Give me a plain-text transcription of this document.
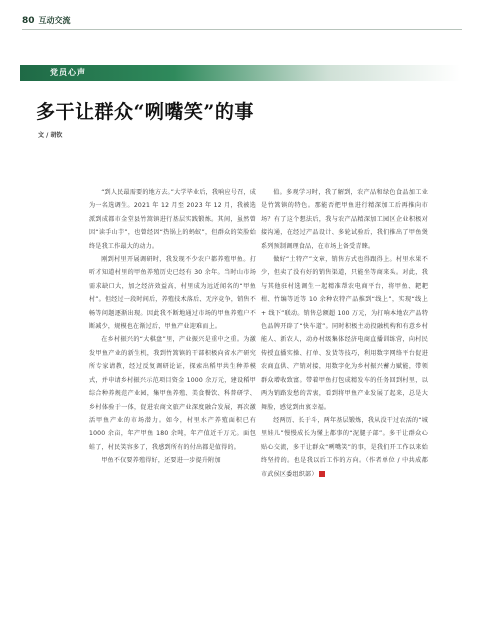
80 互动交流
党员心声
多干让群众“咧嘴笑”的事
文 / 胡钦

“到人民最需要的地方去。”大学毕业后，我响应号召，成为一名选调生。2021 年 12 月至 2023 年 12 月，我被选派到成都市金堂县竹篙镇进行基层实践锻炼。其间，虽然曾因“读手山芋”，也曾经因“热锅上的蚂蚁”，但群众的笑脸始终是我工作最大的动力。

刚到村里开展调研时，我发现不少农户都养殖甲鱼。打听才知道村里的甲鱼养殖历史已经有 30 余年。当时山市场需求缺口大，加之经济效益高，村里成为远近闻名的“甲鱼村”。但经过一段时间后，养殖技术落后、无序竞争，销售不畅等问题逐渐出现。因此我不断地通过市场的甲鱼养殖户不断减少，规模也在渐过后，甲鱼产业迎难而上。

在乡村振兴的“大棋盘”里，产业振兴是重中之重。为激发甲鱼产业的新生机，我到竹篙镇的干部积极向省水产研究所专家请教，经过反复调研论证，探索出稻甲共生种养模式，并申请乡村振兴示范项目资金 1000 余万元，建设稻甲综合种养规范产业园，集甲鱼养殖、美食餐饮、科普研学、乡村体验于一体，促进农商文旅产业深度融合发展，再次激活甲鱼产业的市场潜力。如今，村里水产养殖面积已有 1000 余亩，年产甲鱼 180 余吨，年产值近千万元。面包蛙了，村民笑容多了，我感到所有的付出都是值得的。

甲鱼不仅要养殖得好，还要进一步提升附加

值。多观学习时，我了解到，农产品和绿色食品加工业是竹篙镇的特色。那能否把甲鱼进行精深加工后再推向市场？有了这个想法后，我与农产品精深加工园区企业积极对接沟通，在经过产品设计、多轮试验后，我们推出了甲鱼煲系列预制调理食品，在市场上备受青睐。

做好“土特产”文章，销售方式也得跟得上。村里水果不少，但卖了没有好的销售渠道，只能坐等商来头。对此，我与其他驻村选调生一起精准帮农电商平台，将甲鱼、耙耙柑、竹编等近等 10 余种农特产品推到“线上”，实现“线上 + 线下”联动。销售总额超 100 万元，为打响本地农产品特色品牌开辟了“快车道”。同时积极主动投融机构和有意乡村能人、新农人，动办村级集体经济电商直播训练营，向村民传授直播实操、打单、发货等技巧，利用数字网络平台促进农商直供、产销对接，用数字化为乡村振兴蓄力赋能，带领群众增收致富。带着甲鱼打包成精发车的任务回到村里，以两为销路发愁的苦衷，看到将甲鱼产业发展了起来，总是大舞脸，感觉到由衷幸福。

经两历、长于斗，两年基层锻炼，我从没干过农活的“城里娃儿”慢慢成长为懂上都事的“泥腿子部”。多干让群众心贴心交流，多干让群众“咧嘴笑”的事，是我们开工作以来始终坚持的。也是我以后工作的方向。（作者单位 / 中共成都市武侯区委组织部）
